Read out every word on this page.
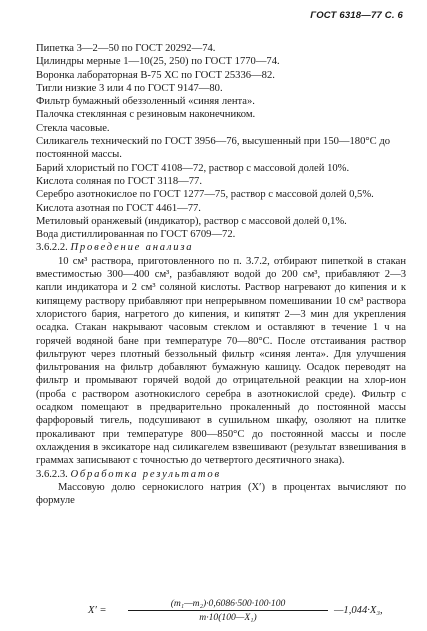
ГОСТ 6318—77 С. 6

Пипетка 3—2—50 по ГОСТ 20292—74.

Цилиндры мерные 1—10(25, 250) по ГОСТ 1770—74.

Воронка лабораторная В-75 ХС по ГОСТ 25336—82.

Тигли низкие 3 или 4 по ГОСТ 9147—80.

Фильтр бумажный обеззоленный «синяя лента».

Палочка стеклянная с резиновым наконечником.

Стекла часовые.

Силикагель технический по ГОСТ 3956—76, высушенный при 150—180°С до постоянной массы.

Барий хлористый по ГОСТ 4108—72, раствор с массовой долей 10%.

Кислота соляная по ГОСТ 3118—77.

Серебро азотнокислое по ГОСТ 1277—75, раствор с массовой долей 0,5%.

Кислота азотная по ГОСТ 4461—77.

Метиловый оранжевый (индикатор), раствор с массовой долей 0,1%.

Вода дистиллированная по ГОСТ 6709—72.

3.6.2.2. Проведение анализа

10 см³ раствора, приготовленного по п. 3.7.2, отбирают пипеткой в стакан вместимостью 300—400 см³, разбавляют водой до 200 см³, прибавляют 2—3 капли индикатора и 2 см³ соляной кислоты. Раствор нагревают до кипения и к кипящему раствору прибавляют при непрерывном помешивании 10 см³ раствора хлористого бария, нагретого до кипения, и кипятят 2—3 мин для укрепления осадка. Стакан накрывают часовым стеклом и оставляют в течение 1 ч на горячей водяной бане при температуре 70—80°С. После отстаивания раствор фильтруют через плотный беззольный фильтр «синяя лента». Для улучшения фильтрования на фильтр добавляют бумажную кашицу. Осадок переводят на фильтр и промывают горячей водой до отрицательной реакции на хлор-ион (проба с раствором азотнокислого серебра в азотнокислой среде). Фильтр с осадком помещают в предварительно прокаленный до постоянной массы фарфоровый тигель, подсушивают в сушильном шкафу, озоляют на плитке прокаливают при температуре 800—850°С до постоянной массы и после охлаждения в эксикаторе над силикагелем взвешивают (результат взвешивания в граммах записывают с точностью до четвертого десятичного знака).

3.6.2.3. Обработка результатов

Массовую долю сернокислого натрия (X′) в процентах вычисляют по формуле

$X' = \frac{\text{(m₁—m₂)·0,6086·500·100·100}}{\text{m·10(100—X₁)}}$ —1,044·X₃,
